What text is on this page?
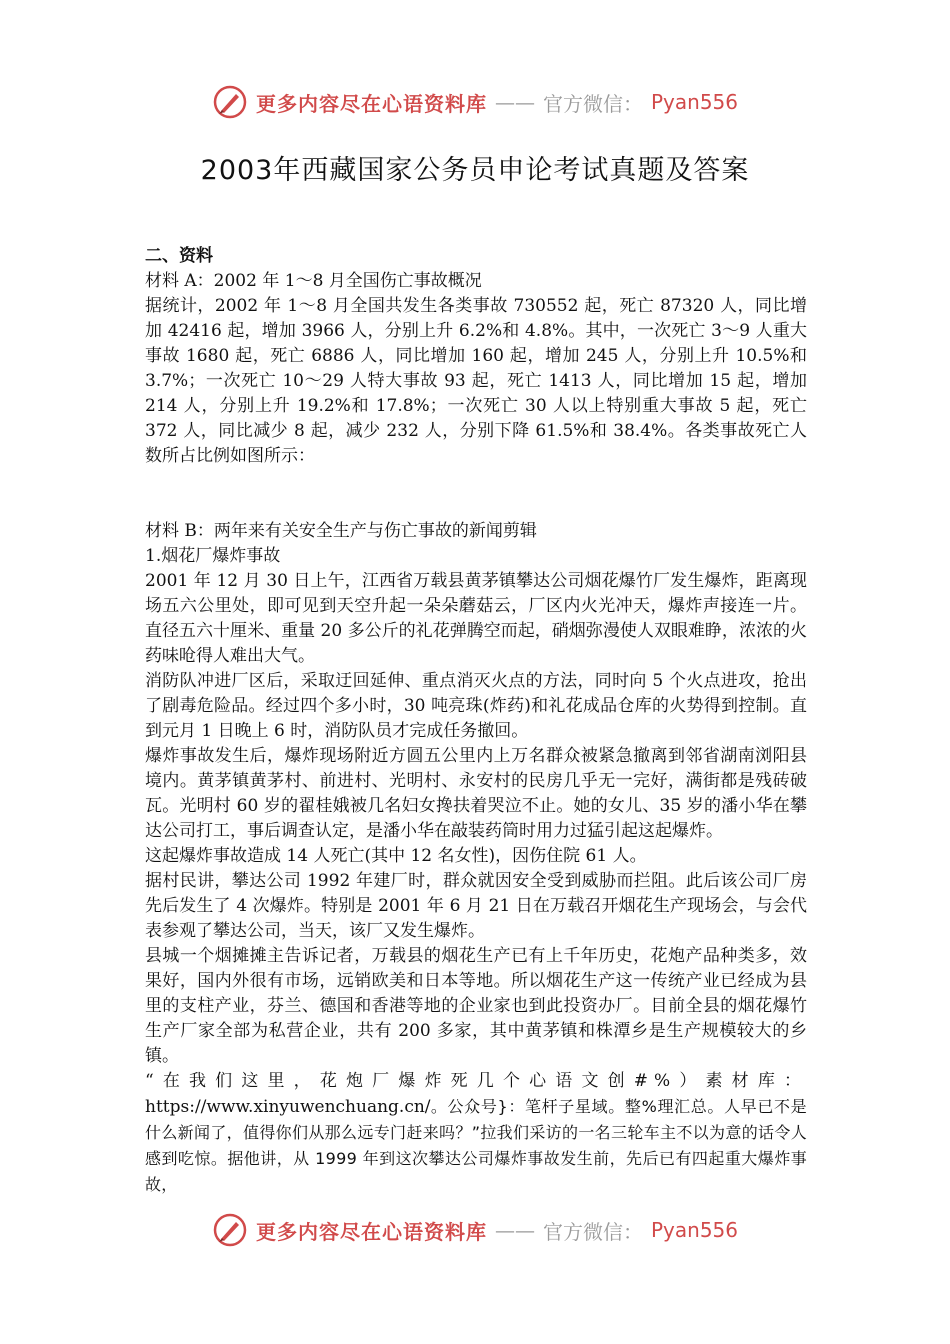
更多内容尽在心语资料库 —— 官方微信： Pyan556
2003年西藏国家公务员申论考试真题及答案

二、资料

材料 A：2002 年 1～8 月全国伤亡事故概况

据统计，2002 年 1～8 月全国共发生各类事故 730552 起，死亡 87320 人，同比增加 42416 起，增加 3966 人，分别上升 6.2%和 4.8%。其中，一次死亡 3～9 人重大事故 1680 起，死亡 6886 人，同比增加 160 起，增加 245 人，分别上升 10.5%和 3.7%；一次死亡 10～29 人特大事故 93 起，死亡 1413 人，同比增加 15 起，增加 214 人，分别上升 19.2%和 17.8%；一次死亡 30 人以上特别重大事故 5 起，死亡 372 人，同比减少 8 起，减少 232 人，分别下降 61.5%和 38.4%。各类事故死亡人数所占比例如图所示：

材料 B：两年来有关安全生产与伤亡事故的新闻剪辑

1.烟花厂爆炸事故

2001 年 12 月 30 日上午，江西省万载县黄茅镇攀达公司烟花爆竹厂发生爆炸，距离现场五六公里处，即可见到天空升起一朵朵蘑菇云，厂区内火光冲天，爆炸声接连一片。直径五六十厘米、重量 20 多公斤的礼花弹腾空而起，硝烟弥漫使人双眼难睁，浓浓的火药味呛得人难出大气。

消防队冲进厂区后，采取迂回延伸、重点消灭火点的方法，同时向 5 个火点进攻，抢出了剧毒危险品。经过四个多小时，30 吨亮珠(炸药)和礼花成品仓库的火势得到控制。直到元月 1 日晚上 6 时，消防队员才完成任务撤回。

爆炸事故发生后，爆炸现场附近方圆五公里内上万名群众被紧急撤离到邻省湖南浏阳县境内。黄茅镇黄茅村、前进村、光明村、永安村的民房几乎无一完好，满街都是残砖破瓦。光明村 60 岁的翟桂娥被几名妇女搀扶着哭泣不止。她的女儿、35 岁的潘小华在攀达公司打工，事后调查认定，是潘小华在敲装药筒时用力过猛引起这起爆炸。

这起爆炸事故造成 14 人死亡(其中 12 名女性)，因伤住院 61 人。

据村民讲，攀达公司 1992 年建厂时，群众就因安全受到威胁而拦阻。此后该公司厂房先后发生了 4 次爆炸。特别是 2001 年 6 月 21 日在万载召开烟花生产现场会，与会代表参观了攀达公司，当天，该厂又发生爆炸。

县城一个烟摊摊主告诉记者，万载县的烟花生产已有上千年历史，花炮产品种类多，效果好，国内外很有市场，远销欧美和日本等地。所以烟花生产这一传统产业已经成为县里的支柱产业，芬兰、德国和香港等地的企业家也到此投资办厂。目前全县的烟花爆竹生产厂家全部为私营企业，共有 200 多家，其中黄茅镇和株潭乡是生产规模较大的乡镇。

“在我们这里，花炮厂爆炸死几个心语文创#%）素材库：https://www.xinyuwenchuang.cn/。公众号}：笔杆子星域。整%理汇总。人早已不是什么新闻了，值得你们从那么远专门赶来吗？”拉我们采访的一名三轮车主不以为意的话令人感到吃惊。据他讲，从 1999 年到这次攀达公司爆炸事故发生前，先后已有四起重大爆炸事故，

更多内容尽在心语资料库 —— 官方微信： Pyan556
